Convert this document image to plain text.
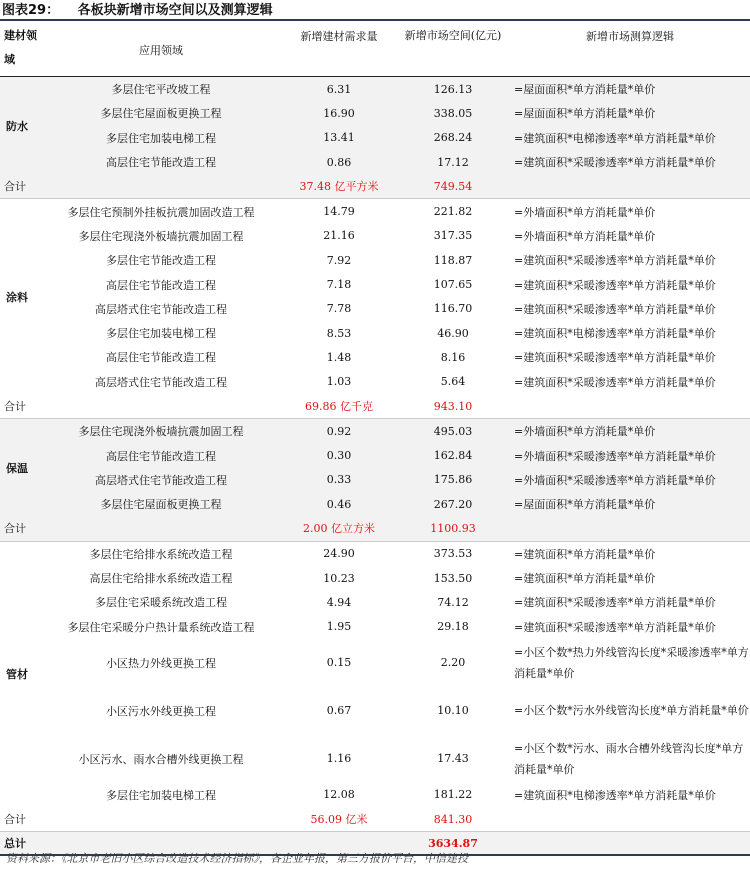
图表29： 各板块新增市场空间以及测算逻辑
建材领域	应用领域	新增建材需求量	新增市场空间(亿元)	新增市场测算逻辑
防水	多层住宅平改坡工程	6.31	126.13	=屋面面积*单方消耗量*单价
	多层住宅屋面板更换工程	16.90	338.05	=屋面面积*单方消耗量*单价
	多层住宅加装电梯工程	13.41	268.24	=建筑面积*电梯渗透率*单方消耗量*单价
	高层住宅节能改造工程	0.86	17.12	=建筑面积*采暖渗透率*单方消耗量*单价
合计		37.48 亿平方米	749.54	
涂料	多层住宅预制外挂板抗震加固改造工程	14.79	221.82	=外墙面积*单方消耗量*单价
	多层住宅现浇外板墙抗震加固工程	21.16	317.35	=外墙面积*单方消耗量*单价
	多层住宅节能改造工程	7.92	118.87	=建筑面积*采暖渗透率*单方消耗量*单价
	高层住宅节能改造工程	7.18	107.65	=建筑面积*采暖渗透率*单方消耗量*单价
	高层塔式住宅节能改造工程	7.78	116.70	=建筑面积*采暖渗透率*单方消耗量*单价
	多层住宅加装电梯工程	8.53	46.90	=建筑面积*电梯渗透率*单方消耗量*单价
	高层住宅节能改造工程	1.48	8.16	=建筑面积*采暖渗透率*单方消耗量*单价
	高层塔式住宅节能改造工程	1.03	5.64	=建筑面积*采暖渗透率*单方消耗量*单价
合计		69.86 亿千克	943.10	
保温	多层住宅现浇外板墙抗震加固工程	0.92	495.03	=外墙面积*单方消耗量*单价
	高层住宅节能改造工程	0.30	162.84	=外墙面积*采暖渗透率*单方消耗量*单价
	高层塔式住宅节能改造工程	0.33	175.86	=外墙面积*采暖渗透率*单方消耗量*单价
	多层住宅屋面板更换工程	0.46	267.20	=屋面面积*单方消耗量*单价
合计		2.00 亿立方米	1100.93	
管材	多层住宅给排水系统改造工程	24.90	373.53	=建筑面积*单方消耗量*单价
	高层住宅给排水系统改造工程	10.23	153.50	=建筑面积*单方消耗量*单价
	多层住宅采暖系统改造工程	4.94	74.12	=建筑面积*采暖渗透率*单方消耗量*单价
	多层住宅采暖分户热计量系统改造工程	1.95	29.18	=建筑面积*采暖渗透率*单方消耗量*单价
	小区热力外线更换工程	0.15	2.20	=小区个数*热力外线管沟长度*采暖渗透率*单方消耗量*单价
	小区污水外线更换工程	0.67	10.10	=小区个数*污水外线管沟长度*单方消耗量*单价
	小区污水、雨水合槽外线更换工程	1.16	17.43	=小区个数*污水、雨水合槽外线管沟长度*单方消耗量*单价
	多层住宅加装电梯工程	12.08	181.22	=建筑面积*电梯渗透率*单方消耗量*单价
合计		56.09 亿米	841.30	
总计			3634.87	
资料来源：《北京市老旧小区综合改造技术经济指标》，各企业年报，第三方报价平台，中信建投
